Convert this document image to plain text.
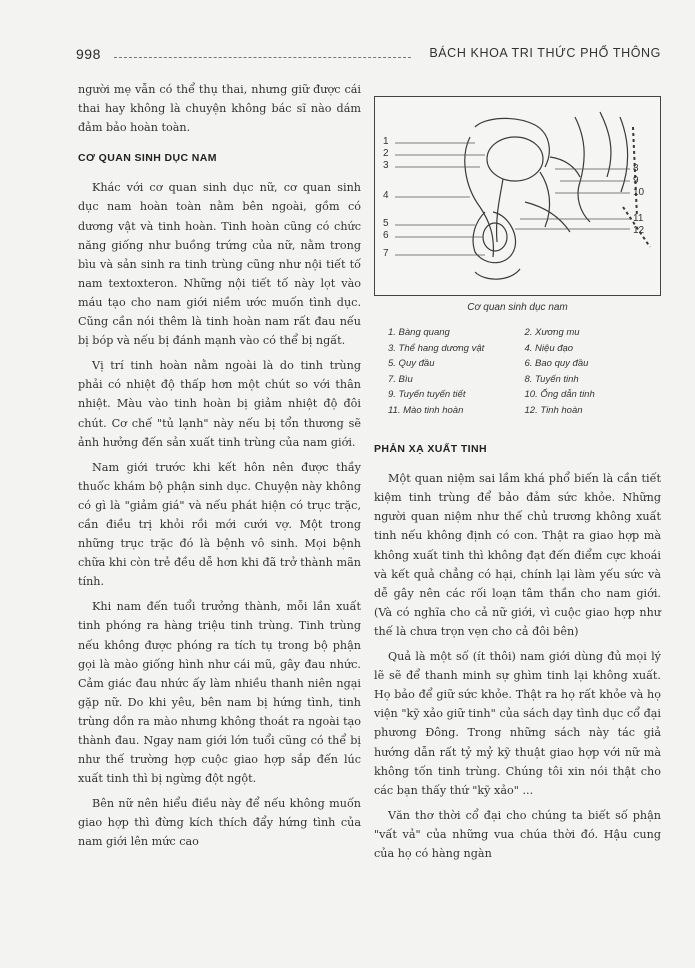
998	BÁCH KHOA TRI THỨC PHỔ THÔNG

người mẹ vẫn có thể thụ thai, nhưng giữ được cái thai hay không là chuyện không bác sĩ nào dám đảm bảo hoàn toàn.

CƠ QUAN SINH DỤC NAM

Khác với cơ quan sinh dục nữ, cơ quan sinh dục nam hoàn toàn nằm bên ngoài, gồm có dương vật và tinh hoàn. Tinh hoàn cũng có chức năng giống như buồng trứng của nữ, nằm trong bìu và sản sinh ra tinh trùng cũng như nội tiết tố nam textoxteron. Những nội tiết tố này lọt vào máu tạo cho nam giới niềm ước muốn tình dục. Cũng cần nói thêm là tinh hoàn nam rất đau nếu bị bóp và nếu bị đánh mạnh vào có thể bị ngất.

Vị trí tinh hoàn nằm ngoài là do tinh trùng phải có nhiệt độ thấp hơn một chút so với thân nhiệt. Màu vào tinh hoàn bị giảm nhiệt độ đôi chút. Cơ chế "tủ lạnh" này nếu bị tổn thương sẽ ảnh hưởng đến sản xuất tinh trùng của nam giới.

Nam giới trước khi kết hôn nên được thầy thuốc khám bộ phận sinh dục. Chuyện này không có gì là "giảm giá" và nếu phát hiện có trục trặc, cần điều trị khỏi rồi mới cưới vợ. Một trong những trục trặc đó là bệnh vô sinh. Mọi bệnh chữa khi còn trẻ đều dễ hơn khi đã trở thành mãn tính.

Khi nam đến tuổi trưởng thành, mỗi lần xuất tinh phóng ra hàng triệu tinh trùng. Tinh trùng nếu không được phóng ra tích tụ trong bộ phận gọi là mào giống hình như cái mũ, gây đau nhức. Cảm giác đau nhức ấy làm nhiều thanh niên ngại gặp nữ. Do khi yêu, bên nam bị hứng tình, tinh trùng dồn ra mào nhưng không thoát ra ngoài tạo thành đau. Ngay nam giới lớn tuổi cũng có thể bị như thế trường hợp cuộc giao hợp sắp đến lúc xuất tinh thì bị ngừng đột ngột.

Bên nữ nên hiểu điều này để nếu không muốn giao hợp thì đừng kích thích đẩy hứng tình của nam giới lên mức cao

1
2
3
4
5
6
7
8
9
10
11
12
Cơ quan sinh dục nam
1. Bàng quang	2. Xương mu
3. Thể hang dương vật	4. Niệu đạo
5. Quy đầu	6. Bao quy đầu
7. Bìu	8. Tuyến tinh
9. Tuyến tuyến tiết	10. Ống dẫn tinh
11. Mào tinh hoàn	12. Tinh hoàn
PHẢN XẠ XUẤT TINH

Một quan niệm sai lầm khá phổ biến là cần tiết kiệm tinh trùng để bảo đảm sức khỏe. Những người quan niệm như thế chủ trương không xuất tinh nếu không định có con. Thật ra giao hợp mà không xuất tinh thì không đạt đến điểm cực khoái và kết quả chẳng có hại, chính lại làm yếu sức và dễ gây nên các rối loạn tâm thần cho nam giới. (Và có nghĩa cho cả nữ giới, vì cuộc giao hợp như thế là chưa trọn vẹn cho cả đôi bên)

Quả là một số (ít thôi) nam giới dùng đủ mọi lý lẽ sẽ để thanh minh sự ghìm tinh lại không xuất. Họ bảo để giữ sức khỏe. Thật ra họ rất khỏe và họ viện "kỹ xảo giữ tinh" của sách dạy tình dục cổ đại phương Đông. Trong những sách này tác giả hướng dẫn rất tỷ mỷ kỹ thuật giao hợp với nữ mà không tốn tinh trùng. Chúng tôi xin nói thật cho các bạn thấy thứ "kỹ xảo" ...

Văn thơ thời cổ đại cho chúng ta biết số phận "vất vả" của những vua chúa thời đó. Hậu cung của họ có hàng ngàn
